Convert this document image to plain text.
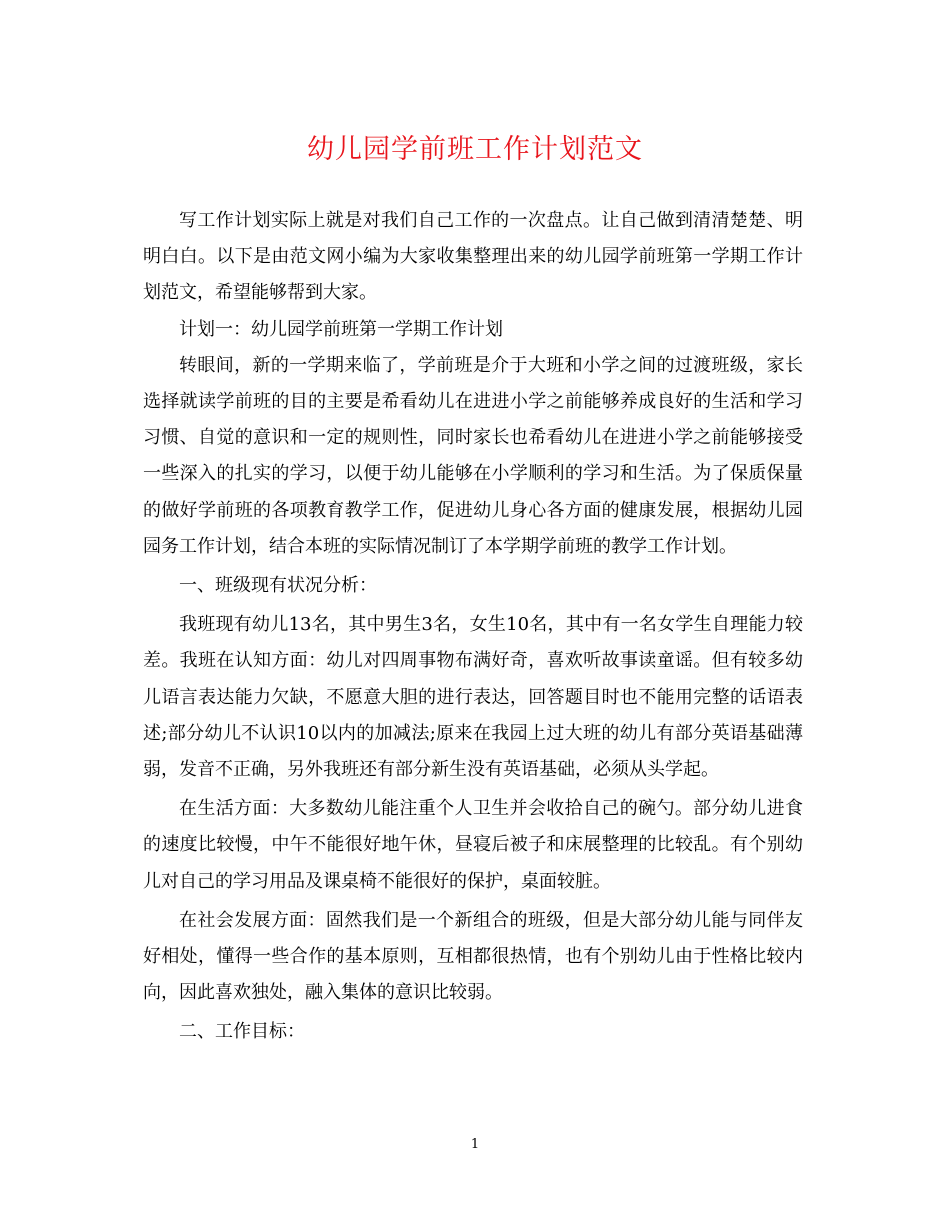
幼儿园学前班工作计划范文

写工作计划实际上就是对我们自己工作的一次盘点。让自己做到清清楚楚、明明白白。以下是由范文网小编为大家收集整理出来的幼儿园学前班第一学期工作计划范文，希望能够帮到大家。

计划一：幼儿园学前班第一学期工作计划

转眼间，新的一学期来临了，学前班是介于大班和小学之间的过渡班级，家长选择就读学前班的目的主要是希看幼儿在进进小学之前能够养成良好的生活和学习习惯、自觉的意识和一定的规则性，同时家长也希看幼儿在进进小学之前能够接受一些深入的扎实的学习，以便于幼儿能够在小学顺利的学习和生活。为了保质保量的做好学前班的各项教育教学工作，促进幼儿身心各方面的健康发展，根据幼儿园园务工作计划，结合本班的实际情况制订了本学期学前班的教学工作计划。

一、班级现有状况分析：

我班现有幼儿13名，其中男生3名，女生10名，其中有一名女学生自理能力较差。我班在认知方面：幼儿对四周事物布满好奇，喜欢听故事读童谣。但有较多幼儿语言表达能力欠缺，不愿意大胆的进行表达，回答题目时也不能用完整的话语表述;部分幼儿不认识10以内的加减法;原来在我园上过大班的幼儿有部分英语基础薄弱，发音不正确，另外我班还有部分新生没有英语基础，必须从头学起。

在生活方面：大多数幼儿能注重个人卫生并会收拾自己的碗勺。部分幼儿进食的速度比较慢，中午不能很好地午休，昼寝后被子和床展整理的比较乱。有个别幼儿对自己的学习用品及课桌椅不能很好的保护，桌面较脏。

在社会发展方面：固然我们是一个新组合的班级，但是大部分幼儿能与同伴友好相处，懂得一些合作的基本原则，互相都很热情，也有个别幼儿由于性格比较内向，因此喜欢独处，融入集体的意识比较弱。

二、工作目标：

1
